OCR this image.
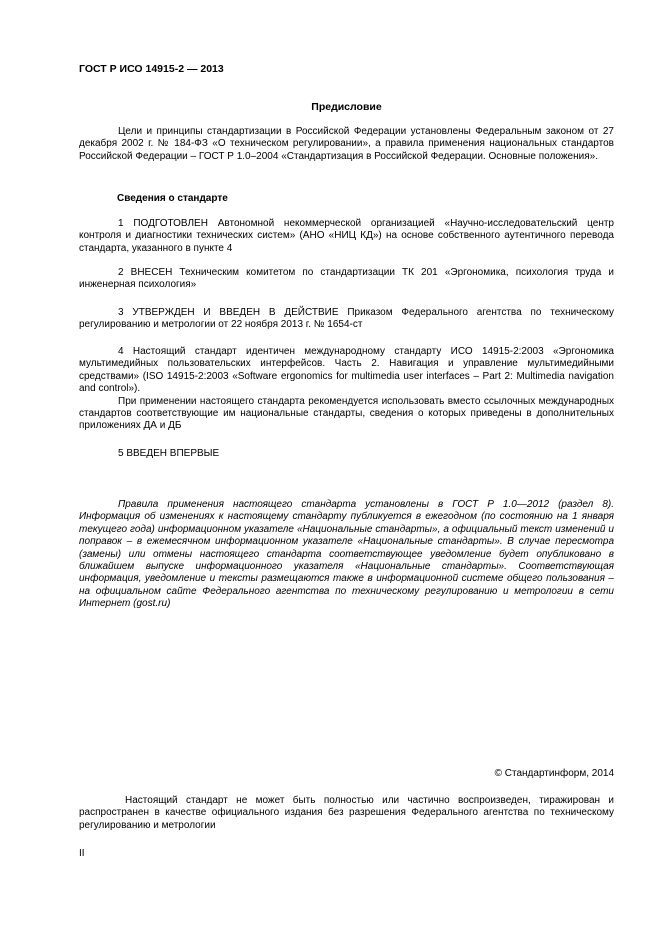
ГОСТ Р ИСО 14915-2 — 2013
Предисловие

Цели и принципы стандартизации в Российской Федерации установлены Федеральным законом от 27 декабря 2002 г. № 184-ФЗ «О техническом регулировании», а правила применения национальных стандартов Российской Федерации – ГОСТ Р 1.0–2004 «Стандартизация в Российской Федерации. Основные положения».

Сведения о стандарте

1 ПОДГОТОВЛЕН Автономной некоммерческой организацией «Научно-исследовательский центр контроля и диагностики технических систем» (АНО «НИЦ КД») на основе собственного аутентичного перевода стандарта, указанного в пункте 4

2 ВНЕСЕН Техническим комитетом по стандартизации ТК 201 «Эргономика, психология труда и инженерная психология»

3 УТВЕРЖДЕН И ВВЕДЕН В ДЕЙСТВИЕ Приказом Федерального агентства по техническому регулированию и метрологии от 22 ноября 2013 г. № 1654-ст

4 Настоящий стандарт идентичен международному стандарту ИСО 14915-2:2003 «Эргономика мультимедийных пользовательских интерфейсов. Часть 2. Навигация и управление мультимедийными средствами» (ISO 14915-2:2003 «Software ergonomics for multimedia user interfaces – Part 2: Multimedia navigation and control»).

При применении настоящего стандарта рекомендуется использовать вместо ссылочных международных стандартов соответствующие им национальные стандарты, сведения о которых приведены в дополнительных приложениях ДА и ДБ

5 ВВЕДЕН ВПЕРВЫЕ

Правила применения настоящего стандарта установлены в ГОСТ Р 1.0—2012 (раздел 8). Информация об изменениях к настоящему стандарту публикуется в ежегодном (по состоянию на 1 января текущего года) информационном указателе «Национальные стандарты», а официальный текст изменений и поправок – в ежемесячном информационном указателе «Национальные стандарты». В случае пересмотра (замены) или отмены настоящего стандарта соответствующее уведомление будет опубликовано в ближайшем выпуске информационного указателя «Национальные стандарты». Соответствующая информация, уведомление и тексты размещаются также в информационной системе общего пользования – на официальном сайте Федерального агентства по техническому регулированию и метрологии в сети Интернет (gost.ru)

© Стандартинформ, 2014

Настоящий стандарт не может быть полностью или частично воспроизведен, тиражирован и распространен в качестве официального издания без разрешения Федерального агентства по техническому регулированию и метрологии

II
